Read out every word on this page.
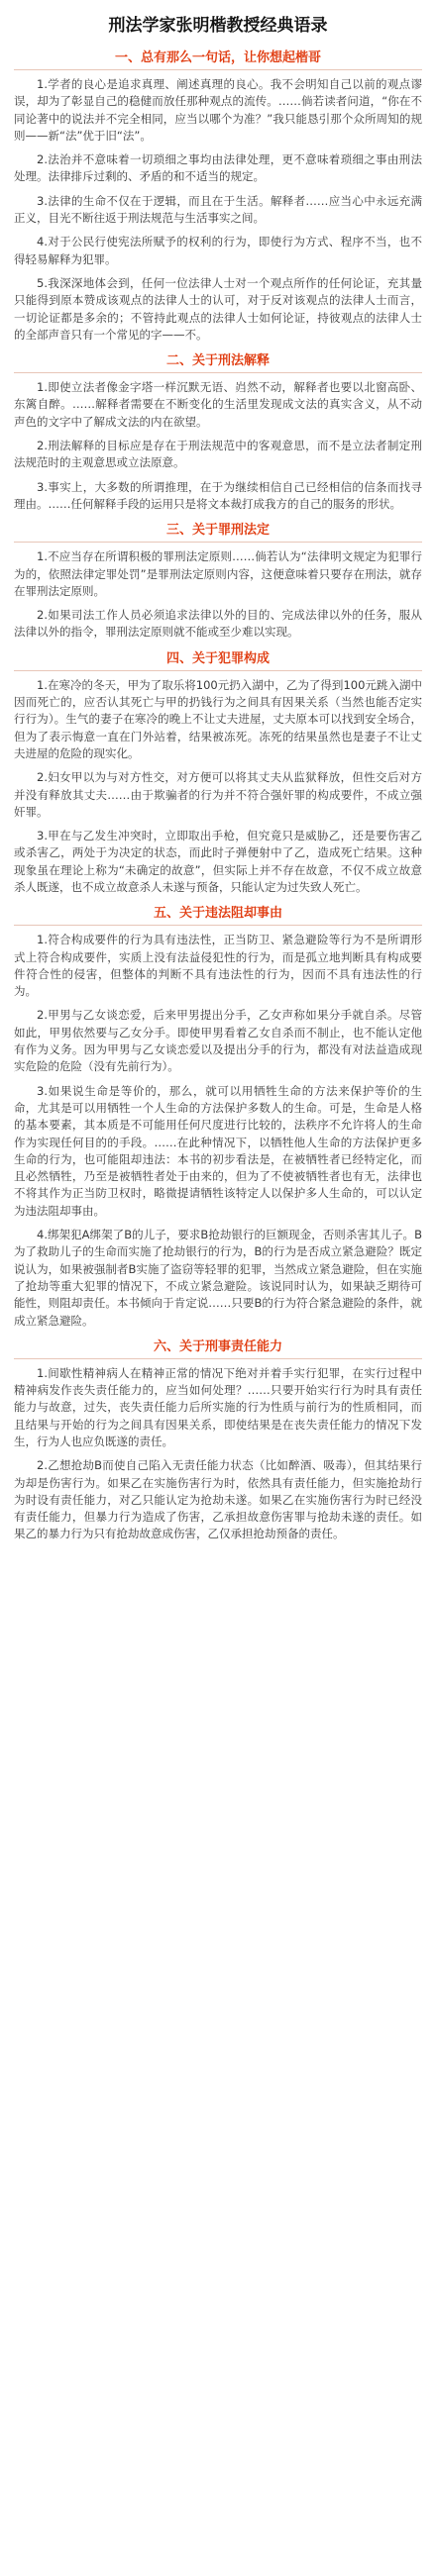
刑法学家张明楷教授经典语录
一、总有那么一句话，让你想起楷哥

1.学者的良心是追求真理、阐述真理的良心。我不会明知自己以前的观点谬误，却为了彰显自己的稳健而放任那种观点的流传。……倘若读者问道，“你在不同论著中的说法并不完全相同，应当以哪个为准？”我只能恳引那个众所周知的规则——新“法”优于旧“法”。

2.法治并不意味着一切琐细之事均由法律处理，更不意味着琐细之事由刑法处理。法律排斥过剩的、矛盾的和不适当的规定。

3.法律的生命不仅在于逻辑，而且在于生活。解释者……应当心中永远充满正义，目光不断往返于刑法规范与生活事实之间。

4.对于公民行使宪法所赋予的权利的行为，即使行为方式、程序不当，也不得轻易解释为犯罪。

5.我深深地体会到，任何一位法律人士对一个观点所作的任何论证，充其量只能得到原本赞成该观点的法律人士的认可，对于反对该观点的法律人士而言，一切论证都是多余的；不管持此观点的法律人士如何论证，持彼观点的法律人士的全部声音只有一个常见的字——不。

二、关于刑法解释

1.即使立法者像金字塔一样沉默无语、岿然不动，解释者也要以北窗高卧、东篱自醉。……解释者需要在不断变化的生活里发现成文法的真实含义，从不动声色的文字中了解成文法的内在欲望。

2.刑法解释的目标应是存在于刑法规范中的客观意思，而不是立法者制定刑法规范时的主观意思或立法原意。

3.事实上，大多数的所谓推理，在于为继续相信自己已经相信的信条而找寻理由。……任何解释手段的运用只是将文本裁打成我方的自己的服务的形状。

三、关于罪刑法定

1.不应当存在所谓积极的罪刑法定原则……倘若认为“法律明文规定为犯罪行为的，依照法律定罪处罚”是罪刑法定原则内容，这便意味着只要存在刑法，就存在罪刑法定原则。

2.如果司法工作人员必须追求法律以外的目的、完成法律以外的任务，服从法律以外的指令，罪刑法定原则就不能或至少难以实现。

四、关于犯罪构成

1.在寒冷的冬天，甲为了取乐将100元扔入湖中，乙为了得到100元跳入湖中因而死亡的，应否认其死亡与甲的扔钱行为之间具有因果关系（当然也能否定实行行为）。生气的妻子在寒冷的晚上不让丈夫进屋，丈夫原本可以找到安全场合，但为了表示悔意一直在门外站着，结果被冻死。冻死的结果虽然也是妻子不让丈夫进屋的危险的现实化。

2.妇女甲以为与对方性交，对方便可以将其丈夫从监狱释放，但性交后对方并没有释放其丈夫……由于欺骗者的行为并不符合强奸罪的构成要件，不成立强奸罪。

3.甲在与乙发生冲突时，立即取出手枪，但究竟只是威胁乙，还是要伤害乙或杀害乙，两处于为决定的状态，而此时子弹便射中了乙，造成死亡结果。这种现象虽在理论上称为“未确定的故意”，但实际上并不存在故意，不仅不成立故意杀人既遂，也不成立故意杀人未遂与预备，只能认定为过失致人死亡。

五、关于违法阻却事由

1.符合构成要件的行为具有违法性，正当防卫、紧急避险等行为不是所谓形式上符合构成要件，实质上没有法益侵犯性的行为，而是孤立地判断具有构成要件符合性的侵害，但整体的判断不具有违法性的行为，因而不具有违法性的行为。

2.甲男与乙女谈恋爱，后来甲男提出分手，乙女声称如果分手就自杀。尽管如此，甲男依然要与乙女分手。即使甲男看着乙女自杀而不制止，也不能认定他有作为义务。因为甲男与乙女谈恋爱以及提出分手的行为，都没有对法益造成现实危险的危险（没有先前行为）。

3.如果说生命是等价的，那么，就可以用牺牲生命的方法来保护等价的生命，尤其是可以用牺牲一个人生命的方法保护多数人的生命。可是，生命是人格的基本要素，其本质是不可能用任何尺度进行比较的，法秩序不允许将人的生命作为实现任何目的的手段。……在此种情况下，以牺牲他人生命的方法保护更多生命的行为，也可能阻却违法：本书的初步看法是，在被牺牲者已经特定化，而且必然牺牲，乃至是被牺牲者处于由来的，但为了不使被牺牲者也有无，法律也不将其作为正当防卫权时，略微提请牺牲该特定人以保护多人生命的，可以认定为违法阻却事由。

4.绑架犯A绑架了B的儿子，要求B抢劫银行的巨额现金，否则杀害其儿子。B为了救助儿子的生命而实施了抢劫银行的行为，B的行为是否成立紧急避险？既定说认为，如果被强制者B实施了盗窃等轻罪的犯罪，当然成立紧急避险，但在实施了抢劫等重大犯罪的情况下，不成立紧急避险。该说同时认为，如果缺乏期待可能性，则阻却责任。本书倾向于肯定说……只要B的行为符合紧急避险的条件，就成立紧急避险。

六、关于刑事责任能力

1.间歇性精神病人在精神正常的情况下绝对并着手实行犯罪，在实行过程中精神病发作丧失责任能力的，应当如何处理？……只要开始实行行为时具有责任能力与故意，过失，丧失责任能力后所实施的行为性质与前行为的性质相同，而且结果与开始的行为之间具有因果关系，即使结果是在丧失责任能力的情况下发生，行为人也应负既遂的责任。

2.乙想抢劫B而使自己陷入无责任能力状态（比如醉酒、吸毒），但其结果行为却是伤害行为。如果乙在实施伤害行为时，依然具有责任能力，但实施抢劫行为时设有责任能力，对乙只能认定为抢劫未遂。如果乙在实施伤害行为时已经没有责任能力，但暴力行为造成了伤害，乙承担故意伤害罪与抢劫未遂的责任。如果乙的暴力行为只有抢劫故意成伤害，乙仅承担抢劫预备的责任。
